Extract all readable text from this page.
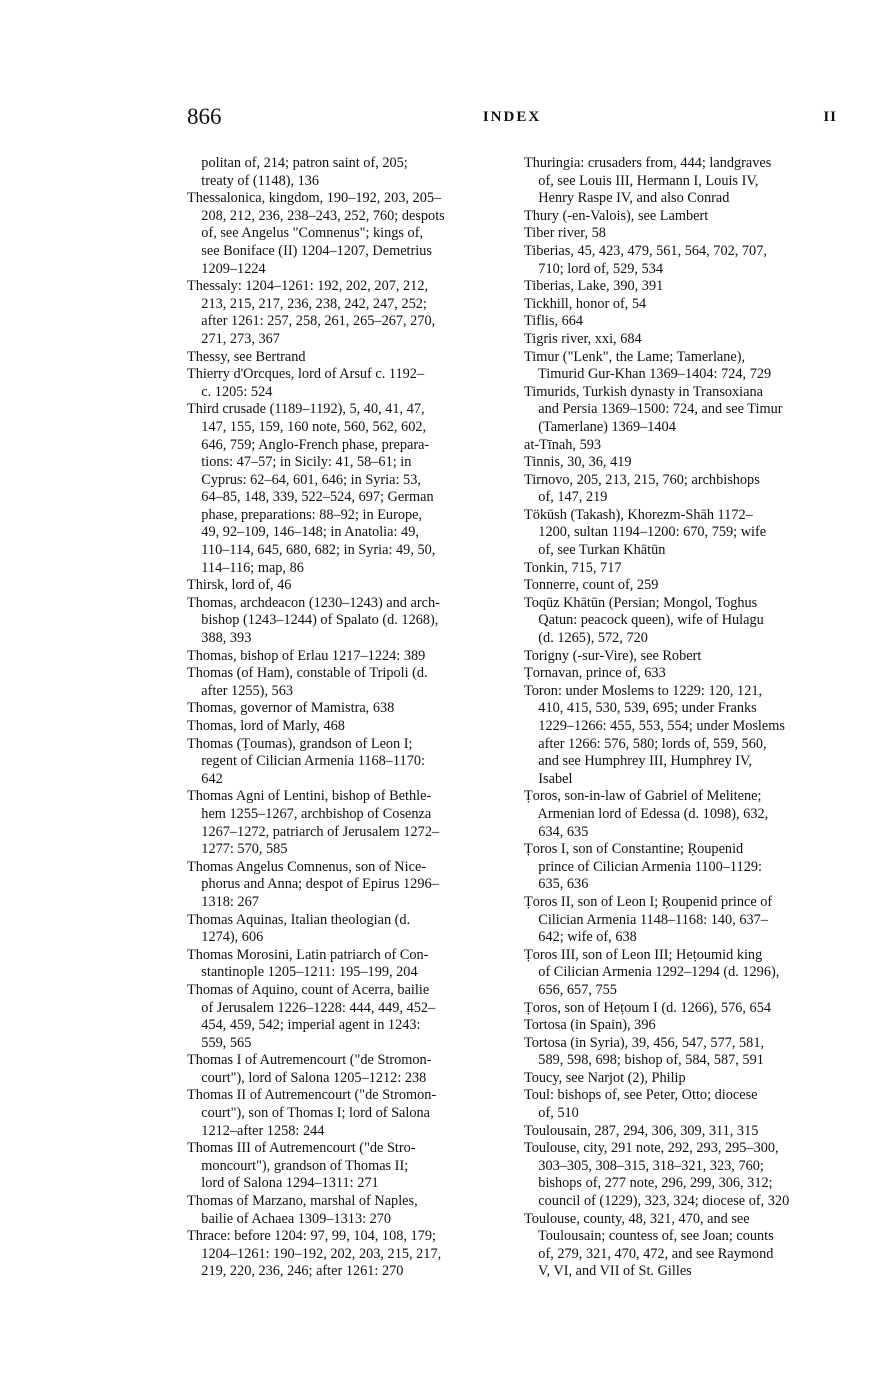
866	INDEX	II
politan of, 214; patron saint of, 205;
treaty of (1148), 136
Thessalonica, kingdom, 190–192, 203, 205–
208, 212, 236, 238–243, 252, 760; despots
of, see Angelus "Comnenus"; kings of,
see Boniface (II) 1204–1207, Demetrius
1209–1224
Thessaly: 1204–1261: 192, 202, 207, 212,
213, 215, 217, 236, 238, 242, 247, 252;
after 1261: 257, 258, 261, 265–267, 270,
271, 273, 367
Thessy, see Bertrand
Thierry d'Orcques, lord of Arsuf c. 1192–
c. 1205: 524
Third crusade (1189–1192), 5, 40, 41, 47,
147, 155, 159, 160 note, 560, 562, 602,
646, 759; Anglo-French phase, prepara-
tions: 47–57; in Sicily: 41, 58–61; in
Cyprus: 62–64, 601, 646; in Syria: 53,
64–85, 148, 339, 522–524, 697; German
phase, preparations: 88–92; in Europe,
49, 92–109, 146–148; in Anatolia: 49,
110–114, 645, 680, 682; in Syria: 49, 50,
114–116; map, 86
Thirsk, lord of, 46
Thomas, archdeacon (1230–1243) and arch-
bishop (1243–1244) of Spalato (d. 1268),
388, 393
Thomas, bishop of Erlau 1217–1224: 389
Thomas (of Ham), constable of Tripoli (d.
after 1255), 563
Thomas, governor of Mamistra, 638
Thomas, lord of Marly, 468
Thomas (Ṭoumas), grandson of Leon I;
regent of Cilician Armenia 1168–1170:
642
Thomas Agni of Lentini, bishop of Bethle-
hem 1255–1267, archbishop of Cosenza
1267–1272, patriarch of Jerusalem 1272–
1277: 570, 585
Thomas Angelus Comnenus, son of Nice-
phorus and Anna; despot of Epirus 1296–
1318: 267
Thomas Aquinas, Italian theologian (d.
1274), 606
Thomas Morosini, Latin patriarch of Con-
stantinople 1205–1211: 195–199, 204
Thomas of Aquino, count of Acerra, bailie
of Jerusalem 1226–1228: 444, 449, 452–
454, 459, 542; imperial agent in 1243:
559, 565
Thomas I of Autremencourt ("de Stromon-
court"), lord of Salona 1205–1212: 238
Thomas II of Autremencourt ("de Stromon-
court"), son of Thomas I; lord of Salona
1212–after 1258: 244
Thomas III of Autremencourt ("de Stro-
moncourt"), grandson of Thomas II;
lord of Salona 1294–1311: 271
Thomas of Marzano, marshal of Naples,
bailie of Achaea 1309–1313: 270
Thrace: before 1204: 97, 99, 104, 108, 179;
1204–1261: 190–192, 202, 203, 215, 217,
219, 220, 236, 246; after 1261: 270
Thuringia: crusaders from, 444; landgraves
of, see Louis III, Hermann I, Louis IV,
Henry Raspe IV, and also Conrad
Thury (-en-Valois), see Lambert
Tiber river, 58
Tiberias, 45, 423, 479, 561, 564, 702, 707,
710; lord of, 529, 534
Tiberias, Lake, 390, 391
Tickhill, honor of, 54
Tiflis, 664
Tigris river, xxi, 684
Timur ("Lenk", the Lame; Tamerlane),
Timurid Gur-Khan 1369–1404: 724, 729
Timurids, Turkish dynasty in Transoxiana
and Persia 1369–1500: 724, and see Timur
(Tamerlane) 1369–1404
at-Tīnah, 593
Tinnis, 30, 36, 419
Tirnovo, 205, 213, 215, 760; archbishops
of, 147, 219
Tökūsh (Takash), Khorezm-Shāh 1172–
1200, sultan 1194–1200: 670, 759; wife
of, see Turkan Khātūn
Tonkin, 715, 717
Tonnerre, count of, 259
Toqūz Khātūn (Persian; Mongol, Toghus
Qatun: peacock queen), wife of Hulagu
(d. 1265), 572, 720
Torigny (-sur-Vire), see Robert
Ṭornavan, prince of, 633
Toron: under Moslems to 1229: 120, 121,
410, 415, 530, 539, 695; under Franks
1229–1266: 455, 553, 554; under Moslems
after 1266: 576, 580; lords of, 559, 560,
and see Humphrey III, Humphrey IV,
Isabel
Ṭoros, son-in-law of Gabriel of Melitene;
Armenian lord of Edessa (d. 1098), 632,
634, 635
Ṭoros I, son of Constantine; Ṛoupenid
prince of Cilician Armenia 1100–1129:
635, 636
Ṭoros II, son of Leon I; Ṛoupenid prince of
Cilician Armenia 1148–1168: 140, 637–
642; wife of, 638
Ṭoros III, son of Leon III; Heṭoumid king
of Cilician Armenia 1292–1294 (d. 1296),
656, 657, 755
Ṭoros, son of Heṭoum I (d. 1266), 576, 654
Tortosa (in Spain), 396
Tortosa (in Syria), 39, 456, 547, 577, 581,
589, 598, 698; bishop of, 584, 587, 591
Toucy, see Narjot (2), Philip
Toul: bishops of, see Peter, Otto; diocese
of, 510
Toulousain, 287, 294, 306, 309, 311, 315
Toulouse, city, 291 note, 292, 293, 295–300,
303–305, 308–315, 318–321, 323, 760;
bishops of, 277 note, 296, 299, 306, 312;
council of (1229), 323, 324; diocese of, 320
Toulouse, county, 48, 321, 470, and see
Toulousain; countess of, see Joan; counts
of, 279, 321, 470, 472, and see Raymond
V, VI, and VII of St. Gilles
